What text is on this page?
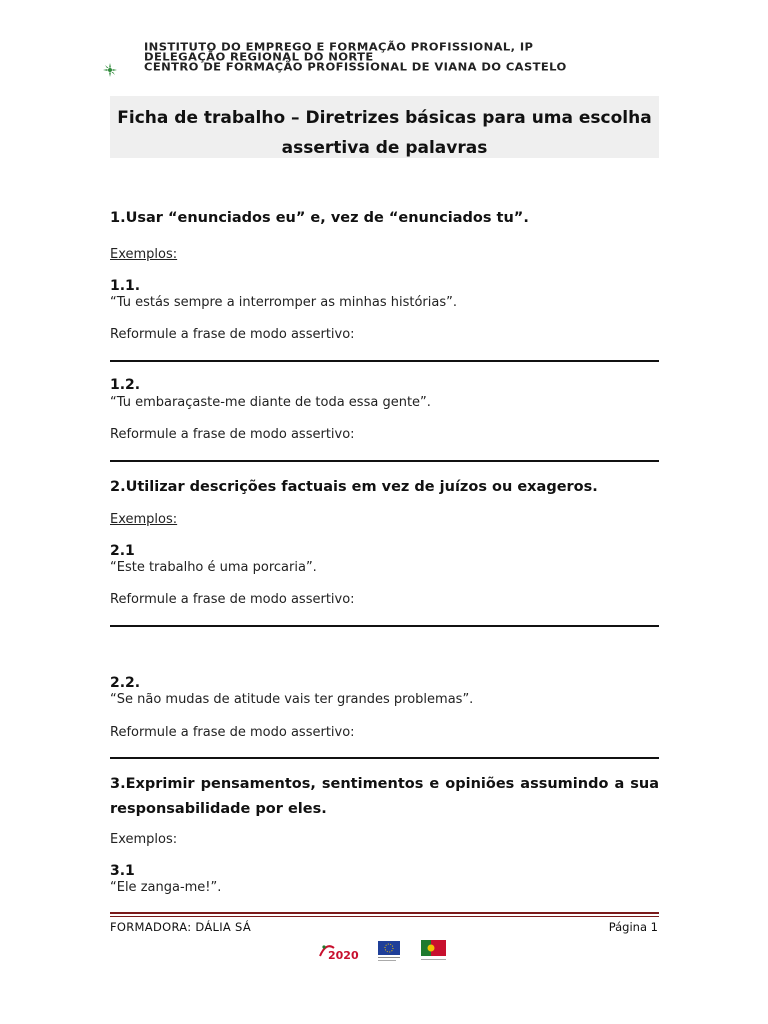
INSTITUTO DO EMPREGO E FORMAÇÃO PROFISSIONAL, IP
DELEGAÇÃO REGIONAL DO NORTE
CENTRO DE FORMAÇÃO PROFISSIONAL DE VIANA DO CASTELO
Ficha de trabalho – Diretrizes básicas para uma escolha
assertiva de palavras
1.Usar “enunciados eu” e, vez de “enunciados tu”.
Exemplos:
1.1.
“Tu estás sempre a interromper as minhas histórias”.
Reformule a frase de modo assertivo:
1.2.
“Tu embaraçaste-me diante de toda essa gente”.
Reformule a frase de modo assertivo:
2.Utilizar descrições factuais em vez de juízos ou exageros.
Exemplos:
2.1
“Este trabalho é uma porcaria”.
Reformule a frase de modo assertivo:
2.2.
“Se não mudas de atitude vais ter grandes problemas”.
Reformule a frase de modo assertivo:
3.Exprimir pensamentos, sentimentos e opiniões assumindo a sua
responsabilidade por eles.
Exemplos:
3.1
“Ele zanga-me!”.
FORMADORA: DÁLIA SÁ	Página 1
2020
